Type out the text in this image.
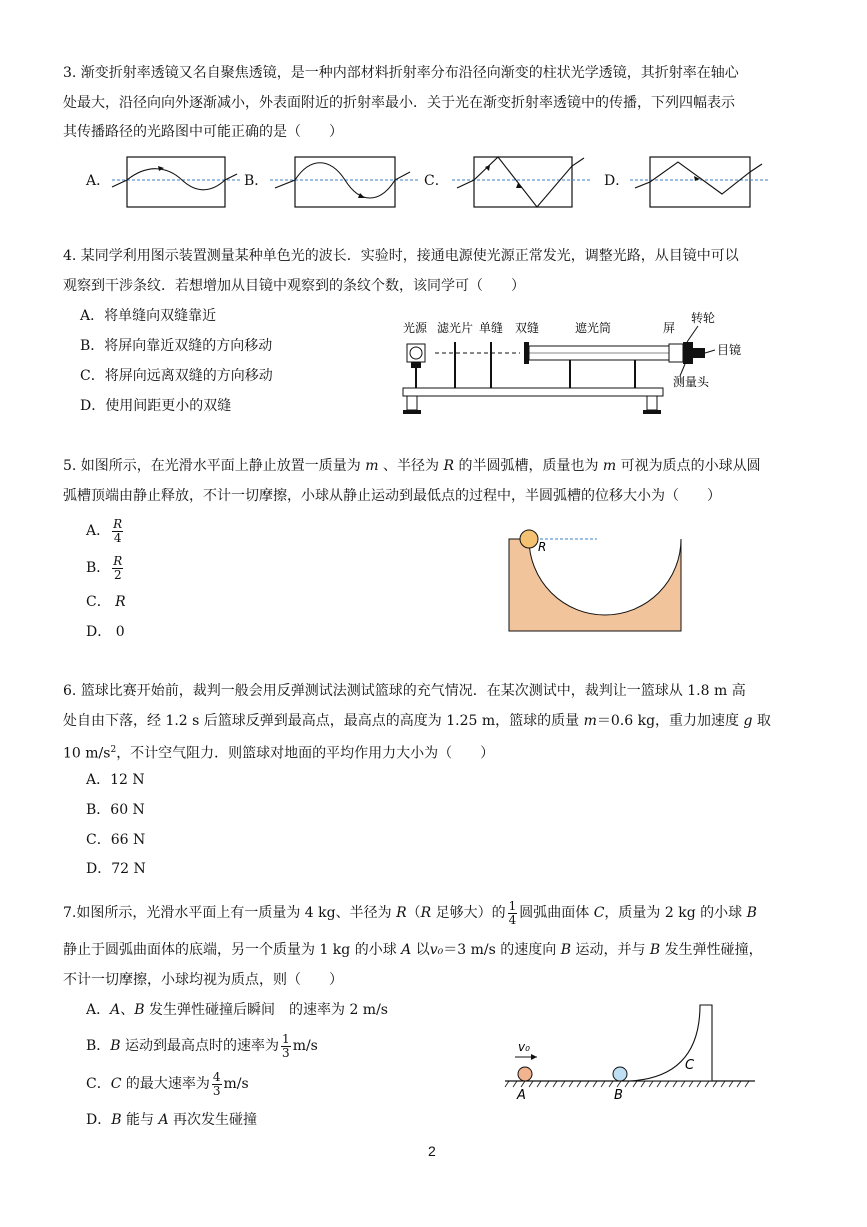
3. 渐变折射率透镜又名自聚焦透镜，是一种内部材料折射率分布沿径向渐变的柱状光学透镜，其折射率在轴心
处最大，沿径向向外逐渐减小，外表面附近的折射率最小．关于光在渐变折射率透镜中的传播，下列四幅表示
其传播路径的光路图中可能正确的是（　　）
A．	B．	C．	D．
4. 某同学利用图示装置测量某种单色光的波长．实验时，接通电源使光源正常发光，调整光路，从目镜中可以
观察到干涉条纹．若想增加从目镜中观察到的条纹个数，该同学可（　　）
A．将单缝向双缝靠近
B．将屏向靠近双缝的方向移动
C．将屏向远离双缝的方向移动
D．使用间距更小的双缝
光源 滤光片 单缝 双缝	遮光筒	屏
转轮
目镜
测量头
5. 如图所示，在光滑水平面上静止放置一质量为 m 、半径为 R 的半圆弧槽，质量也为 m 可视为质点的小球从圆
弧槽顶端由静止释放，不计一切摩擦，小球从静止运动到最低点的过程中，半圆弧槽的位移大小为（　　）
A． $\frac{R}{4}$
B． $\frac{R}{2}$
C． R
D． 0
R
6. 篮球比赛开始前，裁判一般会用反弹测试法测试篮球的充气情况．在某次测试中，裁判让一篮球从 1.8 m 高
处自由下落，经 1.2 s 后篮球反弹到最高点，最高点的高度为 1.25 m，篮球的质量 m＝0.6 kg，重力加速度 g 取
10 $m/s^2$，不计空气阻力．则篮球对地面的平均作用力大小为（　　）
A．12 N
B．60 N
C．66 N
D．72 N
7.如图所示，光滑水平面上有一质量为 4 kg、半径为 R（R 足够大）的 $\frac{1}{4}$ 圆弧曲面体 C，质量为 2 kg 的小球 B
静止于圆弧曲面体的底端，另一个质量为 1 kg 的小球 A 以v₀＝3 m/s 的速度向 B 运动，并与 B 发生弹性碰撞，
不计一切摩擦，小球均视为质点，则（　　）
A．A、B 发生弹性碰撞后瞬间　的速率为 2 m/s
B．B 运动到最高点时的速率为 $\frac{1}{3} m/s$
C．C 的最大速率为 $\frac{4}{3} m/s$
D．B 能与 A 再次发生碰撞
v₀
A	B
C
2
